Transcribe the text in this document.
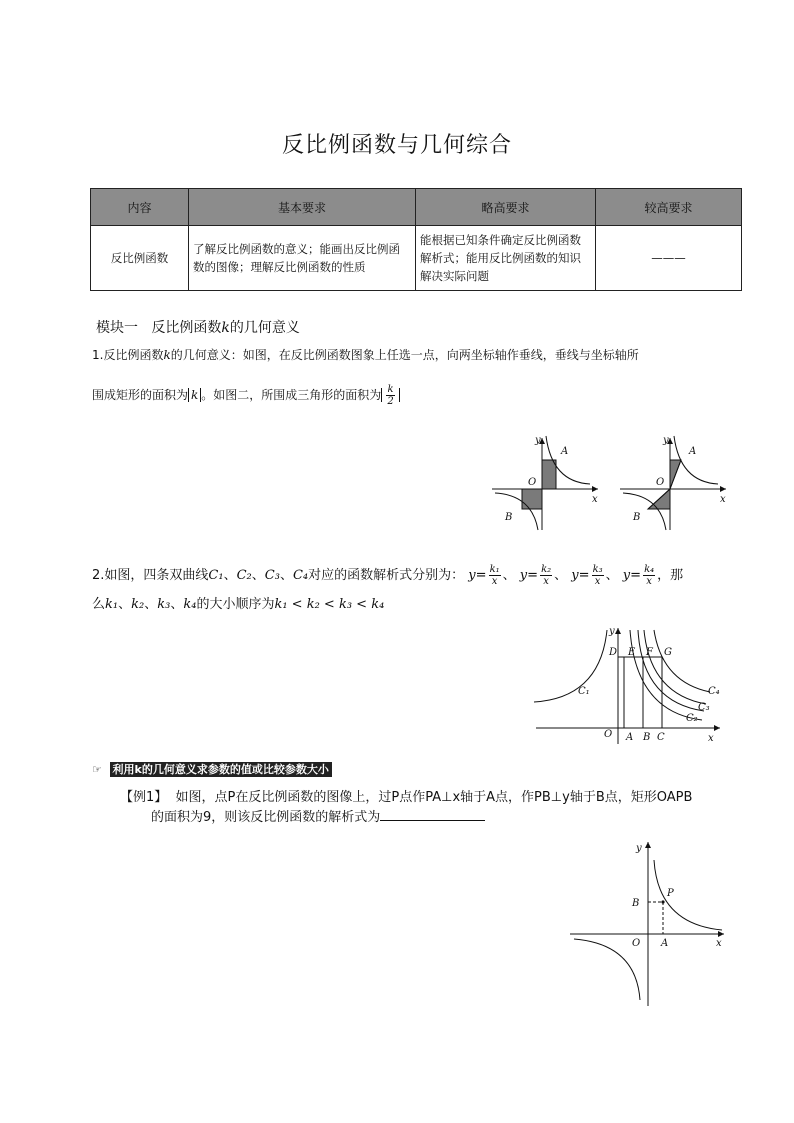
反比例函数与几何综合
内容	基本要求	略高要求	较高要求
反比例函数	了解反比例函数的意义；能画出反比例函数的图像；理解反比例函数的性质	能根据已知条件确定反比例函数解析式；能用反比例函数的知识解决实际问题	———
模块一 反比例函数k的几何意义
1.反比例函数k的几何意义：如图，在反比例函数图象上任选一点，向两坐标轴作垂线，垂线与坐标轴所
围成矩形的面积为 k 。如图二，所围成三角形的面积为 $\frac{k}{2}$
y
x
A
B
O
y
x
A
B
O
2.如图，四条双曲线C₁、C₂、C₃、C₄对应的函数解析式分别为： $y= \frac{\text{k₁}}{x}$ 、 $y= \frac{\text{k₂}}{x}$ 、 $y= \frac{\text{k₃}}{x}$ 、 $y= \frac{\text{k₄}}{x}$ ，那
么k₁、k₂、k₃、k₄的大小顺序为k₁ < k₂ < k₃ < k₄
y
x
O A B C
D E F G
C₁
C₂
C₃
C₄
☞ 利用k的几何意义求参数的值或比较参数大小
【例1】 如图，点P在反比例函数的图像上，过P点作PA⊥x轴于A点，作PB⊥y轴于B点，矩形OAPB
的面积为9，则该反比例函数的解析式为
y
x
O A
B
P
